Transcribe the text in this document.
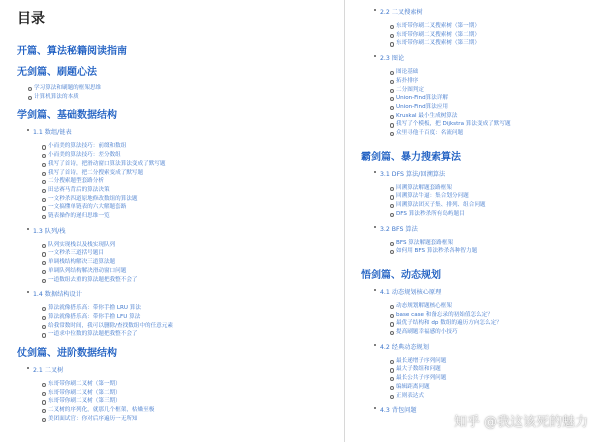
目录
开篇、算法秘籍阅读指南
无剑篇、刷题心法
学习算法和刷题的框架思维
计算机算法的本质
学剑篇、基础数据结构
1.1 数组/链表
小而美的算法技巧：前缀和数组
小而美的算法技巧：差分数组
我写了首诗，把滑动窗口算法算法变成了默写题
我写了首诗，把二分搜索变成了默写题
二分搜索题型套路分析
田忌赛马背后的算法决策
一文秒杀四道原地修改数组的算法题
一文搞懂单链表的六大解题套路
链表操作的递归思维一览
1.3 队列/栈
队列实现栈以及栈实现队列
一文秒杀三道括号题目
单调栈结构解决三道算法题
单调队列结构解决滑动窗口问题
一道数组去重的算法题把我整不会了
1.4 数据结构设计
算法就像搭乐高：带你手撸 LRU 算法
算法就像搭乐高：带你手撸 LFU 算法
给我常数时间，我可以删除/查找数组中的任意元素
一道求中位数的算法题把我整不会了
仗剑篇、进阶数据结构
2.1 二叉树
东哥带你刷二叉树（第一期）
东哥带你刷二叉树（第二期）
东哥带你刷二叉树（第三期）
二叉树的序列化，就那几个框架，枯燥至极
美团面试官：你对后序遍历一无所知
2.2 二叉搜索树
东哥带你刷二叉搜索树（第一期）
东哥带你刷二叉搜索树（第二期）
东哥带你刷二叉搜索树（第三期）
2.3 图论
图论基础
拓扑排序
二分图判定
Union-Find算法详解
Union-Find算法应用
Kruskal 最小生成树算法
我写了个模板，把 Dijkstra 算法变成了默写题
众里寻他千百度：名流问题
霸剑篇、暴力搜索算法
3.1 DFS 算法/回溯算法
回溯算法解题套路框架
回溯算法牛逼：集合划分问题
回溯算法团灭子集、排列、组合问题
DFS 算法秒杀所有岛屿题目
3.2 BFS 算法
BFS 算法解题套路框架
如何用 BFS 算法秒杀各种智力题
悟剑篇、动态规划
4.1 动态规划核心原理
动态规划解题核心框架
base case 和备忘录的初始值怎么定？
最优子结构和 dp 数组的遍历方向怎么定？
提高刷题幸福感的小技巧
4.2 经典动态规划
最长递增子序列问题
最大子数组和问题
最长公共子序列问题
编辑距离问题
正则表达式
4.3 背包问题
知乎 @我这该死的魅力
